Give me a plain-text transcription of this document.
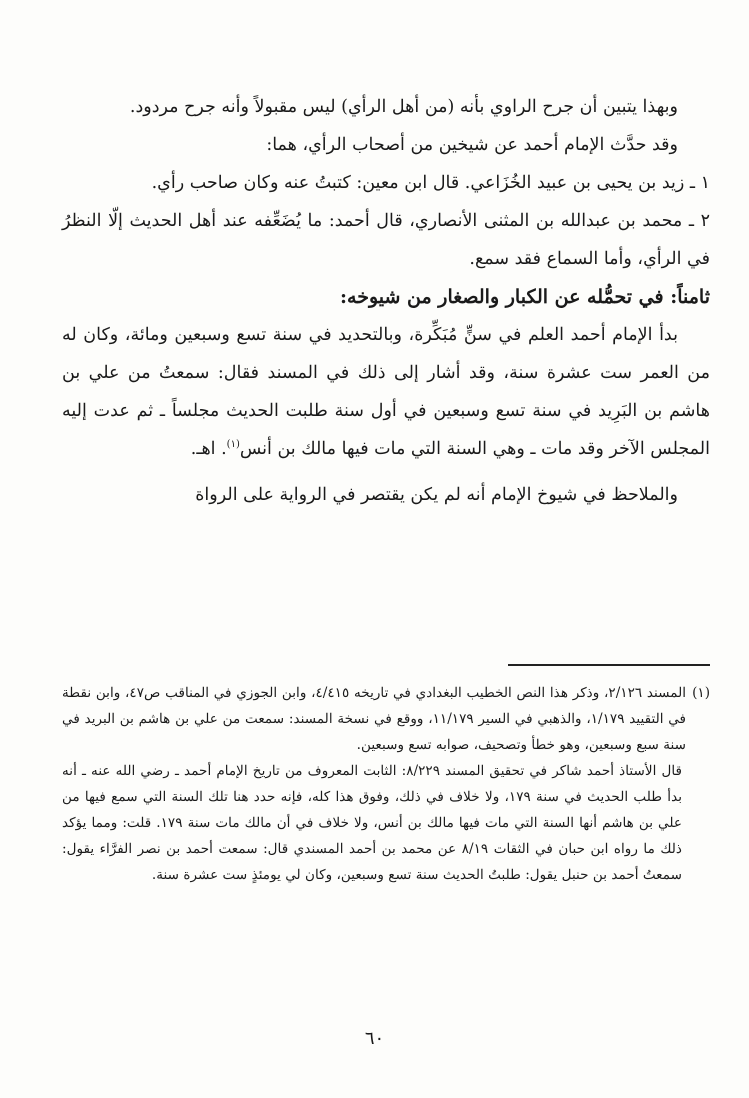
وبهذا يتبين أن جرح الراوي بأنه (من أهل الرأي) ليس مقبولاً وأنه جرح مردود.

وقد حدَّث الإمام أحمد عن شيخين من أصحاب الرأي، هما:

١ ـ زيد بن يحيى بن عبيد الخُزَاعي. قال ابن معين: كتبتُ عنه وكان صاحب رأي.

٢ ـ محمد بن عبدالله بن المثنى الأنصاري، قال أحمد: ما يُضَعِّفه عند أهل الحديث إلّا النظرُ في الرأي، وأما السماع فقد سمع.

ثامناً: في تحمُّله عن الكبار والصغار من شيوخه:

بدأ الإمام أحمد العلم في سنٍّ مُبَكِّرة، وبالتحديد في سنة تسع وسبعين ومائة، وكان له من العمر ست عشرة سنة، وقد أشار إلى ذلك في المسند فقال: سمعتُ من علي بن هاشم بن البَرِيد في سنة تسع وسبعين في أول سنة طلبت الحديث مجلساً ـ ثم عدت إليه المجلس الآخر وقد مات ـ وهي السنة التي مات فيها مالك بن أنس$^{(١)}$. اهـ.

والملاحظ في شيوخ الإمام أنه لم يكن يقتصر في الرواية على الرواة

(١)
المسند ٢/١٢٦، وذكر هذا النص الخطيب البغدادي في تاريخه ٤/٤١٥، وابن الجوزي في المناقب ص٤٧، وابن نقطة في التقييد ١/١٧٩، والذهبي في السير ١١/١٧٩، ووقع في نسخة المسند: سمعت من علي بن هاشم بن البريد في سنة سبع وسبعين، وهو خطأ وتصحيف، صوابه تسع وسبعين.

قال الأستاذ أحمد شاكر في تحقيق المسند ٨/٢٢٩: الثابت المعروف من تاريخ الإمام أحمد ـ رضي الله عنه ـ أنه بدأ طلب الحديث في سنة ١٧٩، ولا خلاف في ذلك، وفوق هذا كله، فإنه حدد هنا تلك السنة التي سمع فيها من علي بن هاشم أنها السنة التي مات فيها مالك بن أنس، ولا خلاف في أن مالك مات سنة ١٧٩. قلت: ومما يؤكد ذلك ما رواه ابن حبان في الثقات ٨/١٩ عن محمد بن أحمد المسندي قال: سمعت أحمد بن نصر الفرَّاء يقول: سمعتُ أحمد بن حنبل يقول: طلبتُ الحديث سنة تسع وسبعين، وكان لي يومئذٍ ست عشرة سنة.

٦٠
